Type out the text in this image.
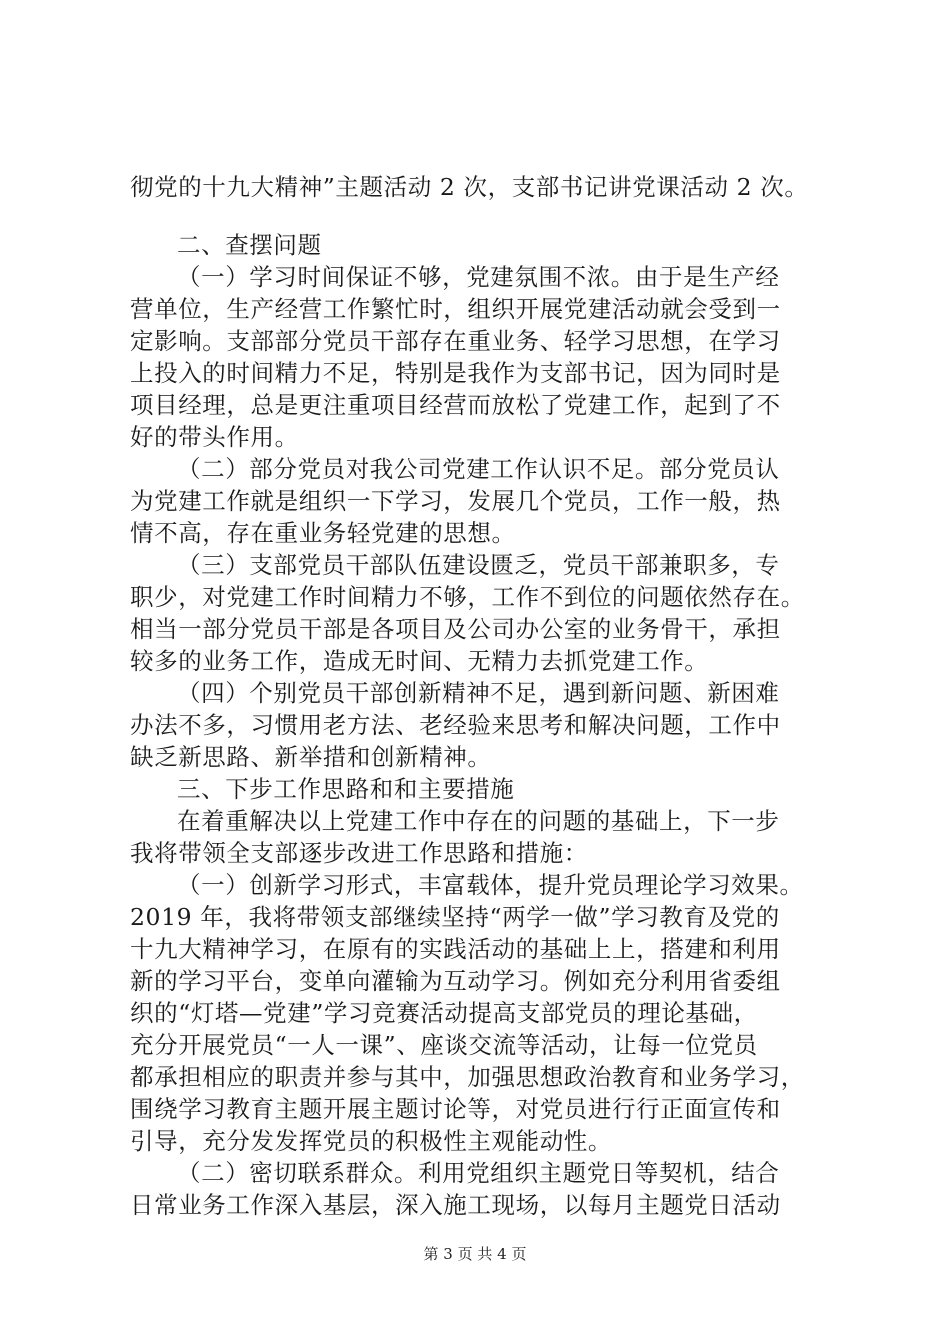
彻党的十九大精神”主题活动 2 次，支部书记讲党课活动 2 次。
二、查摆问题
（一）学习时间保证不够，党建氛围不浓。由于是生产经
营单位，生产经营工作繁忙时，组织开展党建活动就会受到一
定影响。支部部分党员干部存在重业务、轻学习思想，在学习
上投入的时间精力不足，特别是我作为支部书记，因为同时是
项目经理，总是更注重项目经营而放松了党建工作，起到了不
好的带头作用。
（二）部分党员对我公司党建工作认识不足。部分党员认
为党建工作就是组织一下学习，发展几个党员，工作一般，热
情不高，存在重业务轻党建的思想。
（三）支部党员干部队伍建设匮乏，党员干部兼职多，专
职少，对党建工作时间精力不够，工作不到位的问题依然存在。
相当一部分党员干部是各项目及公司办公室的业务骨干，承担
较多的业务工作，造成无时间、无精力去抓党建工作。
（四）个别党员干部创新精神不足，遇到新问题、新困难
办法不多，习惯用老方法、老经验来思考和解决问题，工作中
缺乏新思路、新举措和创新精神。
三、下步工作思路和和主要措施
在着重解决以上党建工作中存在的问题的基础上，下一步
我将带领全支部逐步改进工作思路和措施：
（一）创新学习形式，丰富载体，提升党员理论学习效果。
2019 年，我将带领支部继续坚持“两学一做”学习教育及党的
十九大精神学习，在原有的实践活动的基础上上，搭建和利用
新的学习平台，变单向灌输为互动学习。例如充分利用省委组
织的“灯塔—党建”学习竞赛活动提高支部党员的理论基础，
充分开展党员“一人一课”、座谈交流等活动，让每一位党员
都承担相应的职责并参与其中，加强思想政治教育和业务学习，
围绕学习教育主题开展主题讨论等，对党员进行行正面宣传和
引导，充分发发挥党员的积极性主观能动性。
（二）密切联系群众。利用党组织主题党日等契机，结合
日常业务工作深入基层，深入施工现场，以每月主题党日活动
第 3 页 共 4 页
